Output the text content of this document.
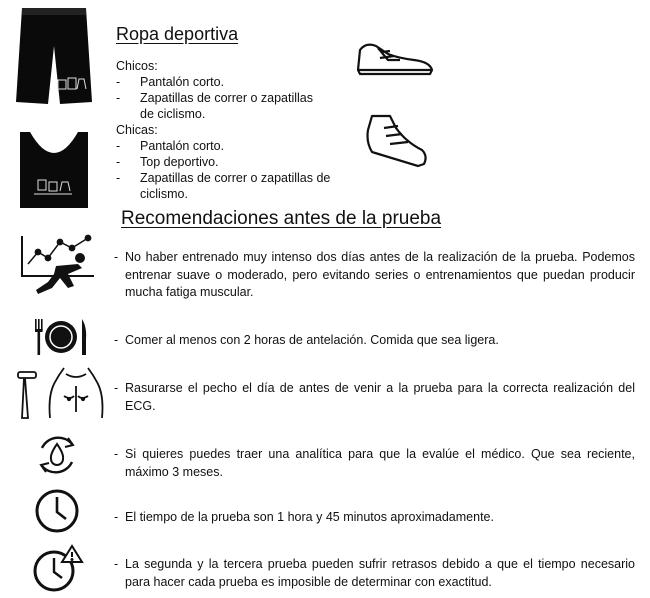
Ropa deportiva

Chicos:

- Pantalón corto.
- Zapatillas de correr o zapatillas de ciclismo.

Chicas:

- Pantalón corto.
- Top deportivo.
- Zapatillas de correr o zapatillas de ciclismo.
Recomendaciones antes de la prueba
- No haber entrenado muy intenso dos días antes de la realización de la prueba. Podemos entrenar suave o moderado, pero evitando series o entrenamientos que puedan producir mucha fatiga muscular.
- Comer al menos con 2 horas de antelación. Comida que sea ligera.
- Rasurarse el pecho el día de antes de venir a la prueba para la correcta realización del ECG.
- Si quieres puedes traer una analítica para que la evalúe el médico. Que sea reciente, máximo 3 meses.
- El tiempo de la prueba son 1 hora y 45 minutos aproximadamente.
- La segunda y la tercera prueba pueden sufrir retrasos debido a que el tiempo necesario para hacer cada prueba es imposible de determinar con exactitud.
